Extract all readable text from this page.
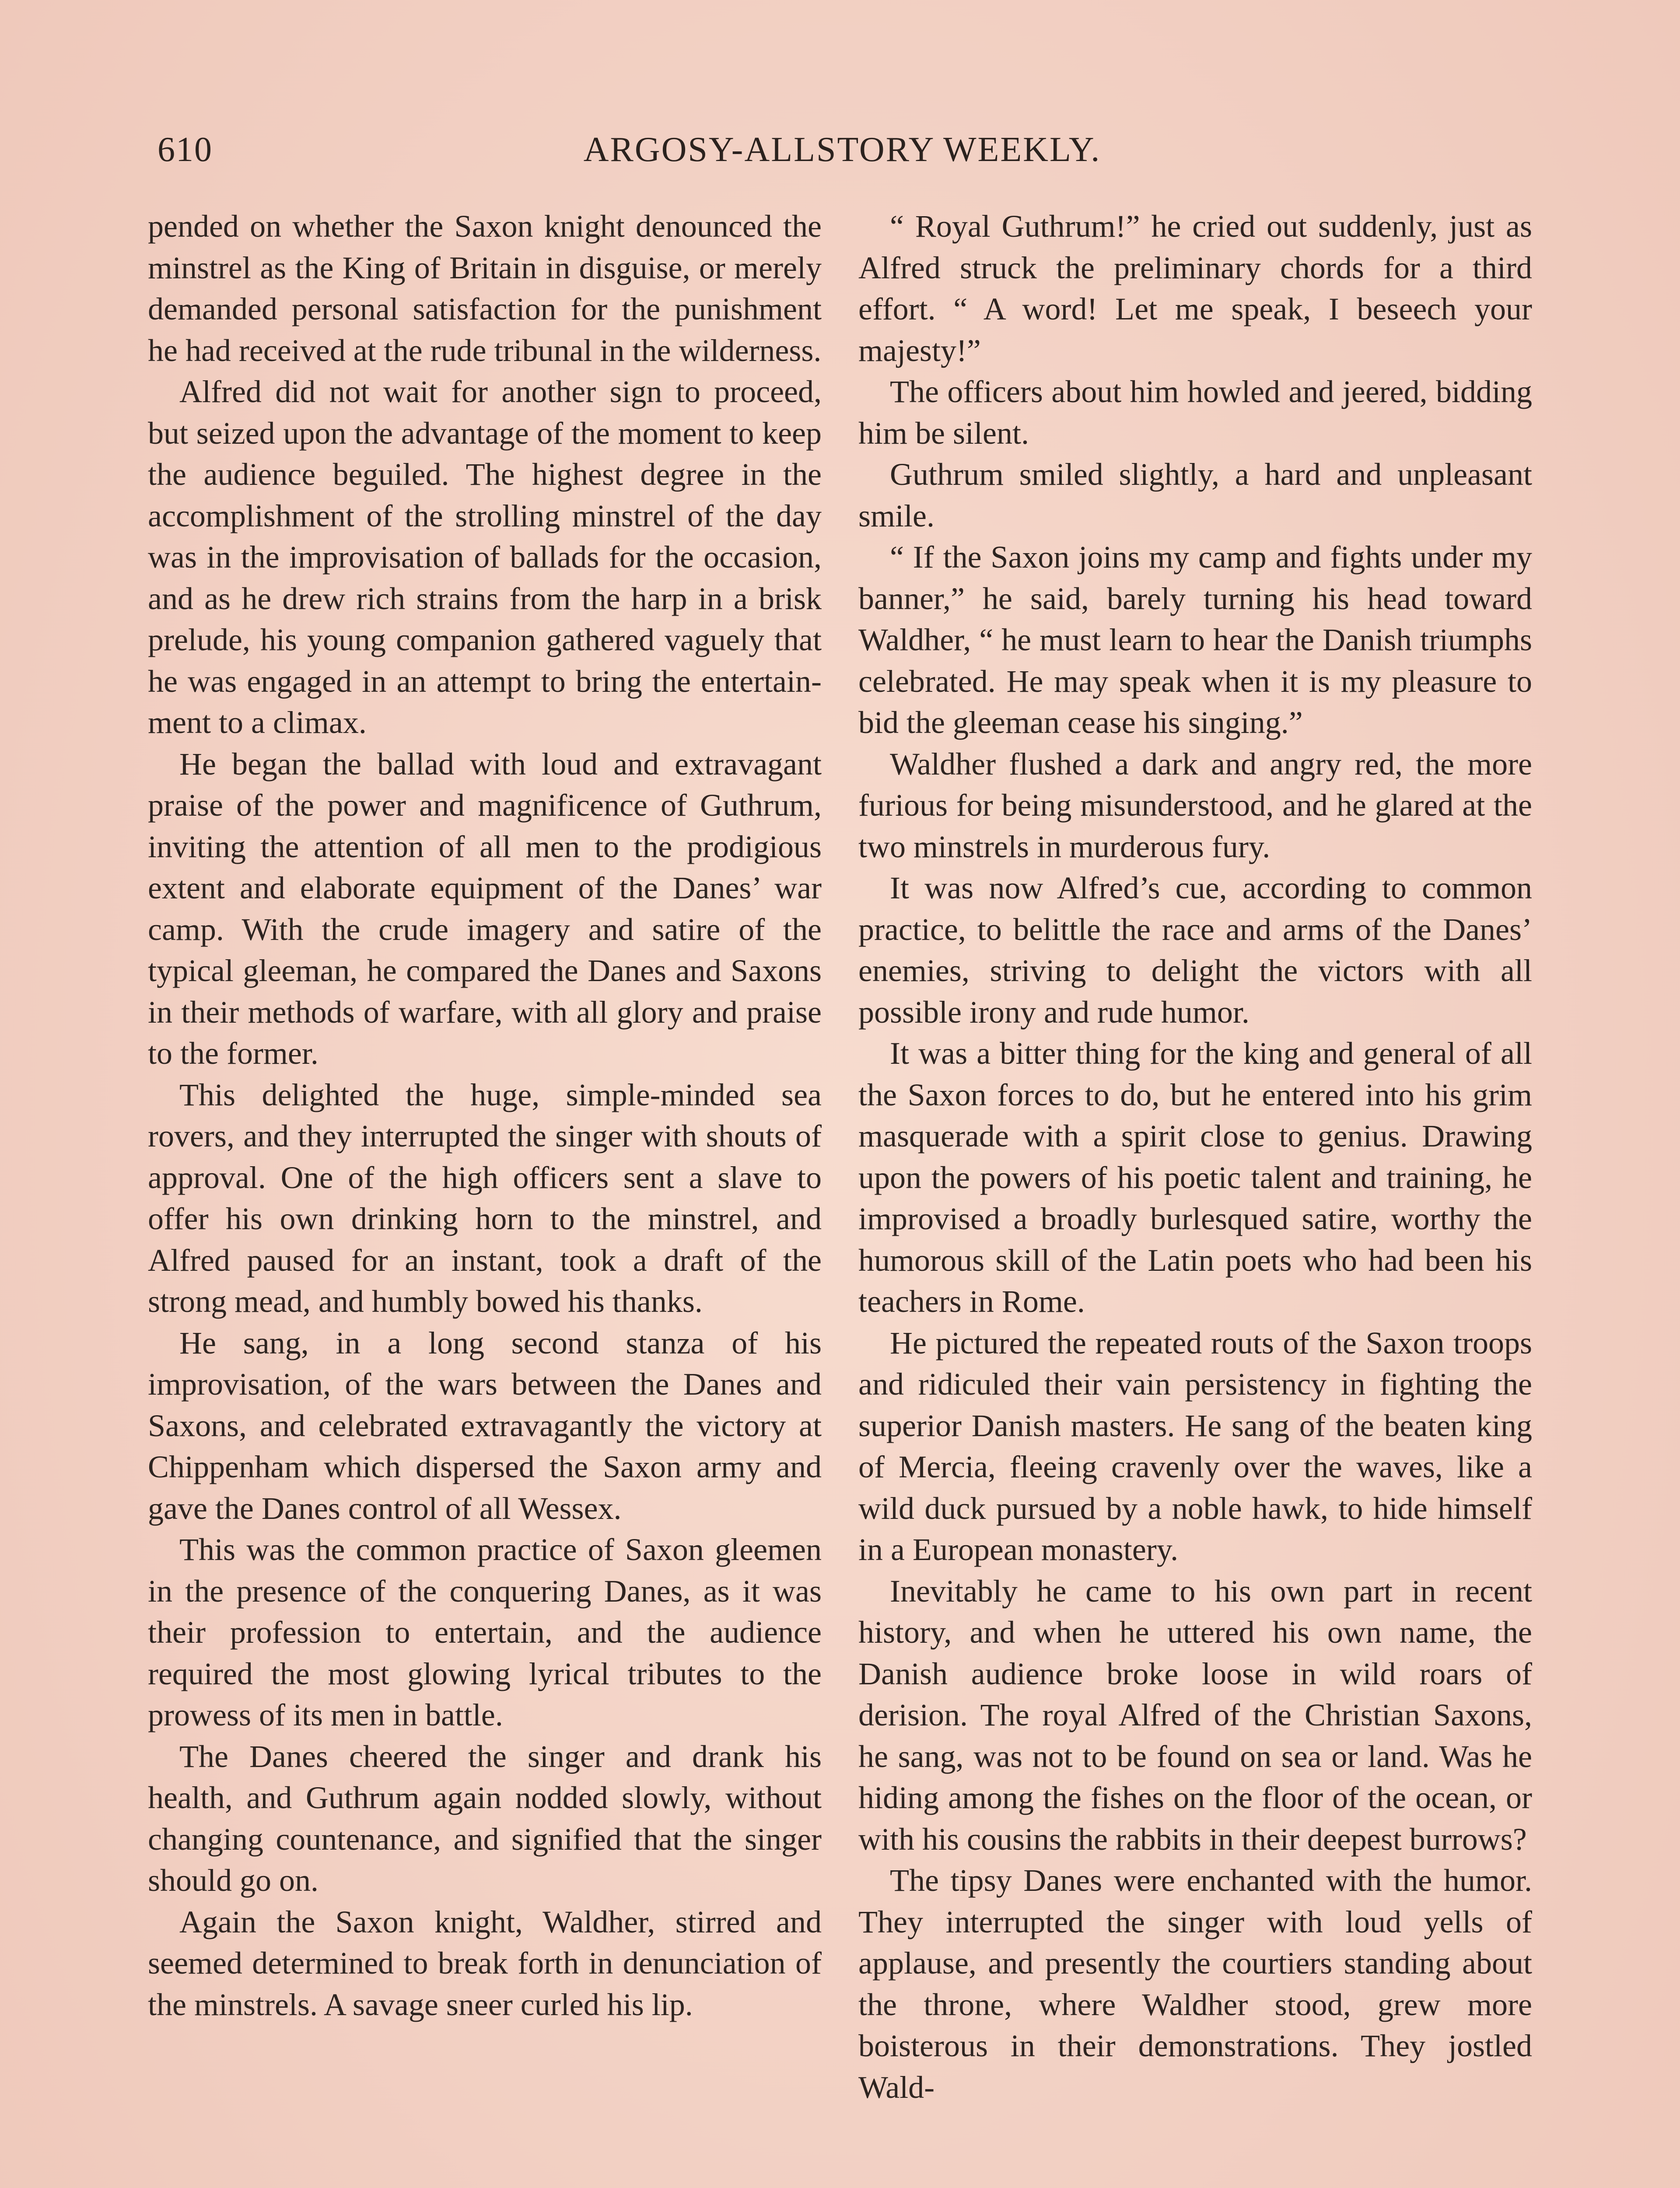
610	ARGOSY-ALLSTORY WEEKLY.

pended on whether the Saxon knight denounced the minstrel as the King of Britain in disguise, or merely demanded personal satisfaction for the punishment he had received at the rude tribunal in the wilderness.

Alfred did not wait for another sign to proceed, but seized upon the advantage of the moment to keep the audience beguiled. The highest degree in the accomplishment of the strolling minstrel of the day was in the improvisation of ballads for the occasion, and as he drew rich strains from the harp in a brisk prelude, his young companion gathered vaguely that he was engaged in an attempt to bring the entertainment to a climax.

He began the ballad with loud and extravagant praise of the power and magnificence of Guthrum, inviting the attention of all men to the prodigious extent and elaborate equipment of the Danes’ war camp. With the crude imagery and satire of the typical gleeman, he compared the Danes and Saxons in their methods of warfare, with all glory and praise to the former.

This delighted the huge, simple-minded sea rovers, and they interrupted the singer with shouts of approval. One of the high officers sent a slave to offer his own drinking horn to the minstrel, and Alfred paused for an instant, took a draft of the strong mead, and humbly bowed his thanks.

He sang, in a long second stanza of his improvisation, of the wars between the Danes and Saxons, and celebrated extravagantly the victory at Chippenham which dispersed the Saxon army and gave the Danes control of all Wessex.

This was the common practice of Saxon gleemen in the presence of the conquering Danes, as it was their profession to entertain, and the audience required the most glowing lyrical tributes to the prowess of its men in battle.

The Danes cheered the singer and drank his health, and Guthrum again nodded slowly, without changing countenance, and signified that the singer should go on.

Again the Saxon knight, Waldher, stirred and seemed determined to break forth in denunciation of the minstrels. A savage sneer curled his lip.

“ Royal Guthrum!” he cried out suddenly, just as Alfred struck the preliminary chords for a third effort. “ A word! Let me speak, I beseech your majesty!”

The officers about him howled and jeered, bidding him be silent.

Guthrum smiled slightly, a hard and unpleasant smile.

“ If the Saxon joins my camp and fights under my banner,” he said, barely turning his head toward Waldher, “ he must learn to hear the Danish triumphs celebrated. He may speak when it is my pleasure to bid the gleeman cease his singing.”

Waldher flushed a dark and angry red, the more furious for being misunderstood, and he glared at the two minstrels in murderous fury.

It was now Alfred’s cue, according to common practice, to belittle the race and arms of the Danes’ enemies, striving to delight the victors with all possible irony and rude humor.

It was a bitter thing for the king and general of all the Saxon forces to do, but he entered into his grim masquerade with a spirit close to genius. Drawing upon the powers of his poetic talent and training, he improvised a broadly burlesqued satire, worthy the humorous skill of the Latin poets who had been his teachers in Rome.

He pictured the repeated routs of the Saxon troops and ridiculed their vain persistency in fighting the superior Danish masters. He sang of the beaten king of Mercia, fleeing cravenly over the waves, like a wild duck pursued by a noble hawk, to hide himself in a European monastery.

Inevitably he came to his own part in recent history, and when he uttered his own name, the Danish audience broke loose in wild roars of derision. The royal Alfred of the Christian Saxons, he sang, was not to be found on sea or land. Was he hiding among the fishes on the floor of the ocean, or with his cousins the rabbits in their deepest burrows?

The tipsy Danes were enchanted with the humor. They interrupted the singer with loud yells of applause, and presently the courtiers standing about the throne, where Waldher stood, grew more boisterous in their demonstrations. They jostled Wald-
